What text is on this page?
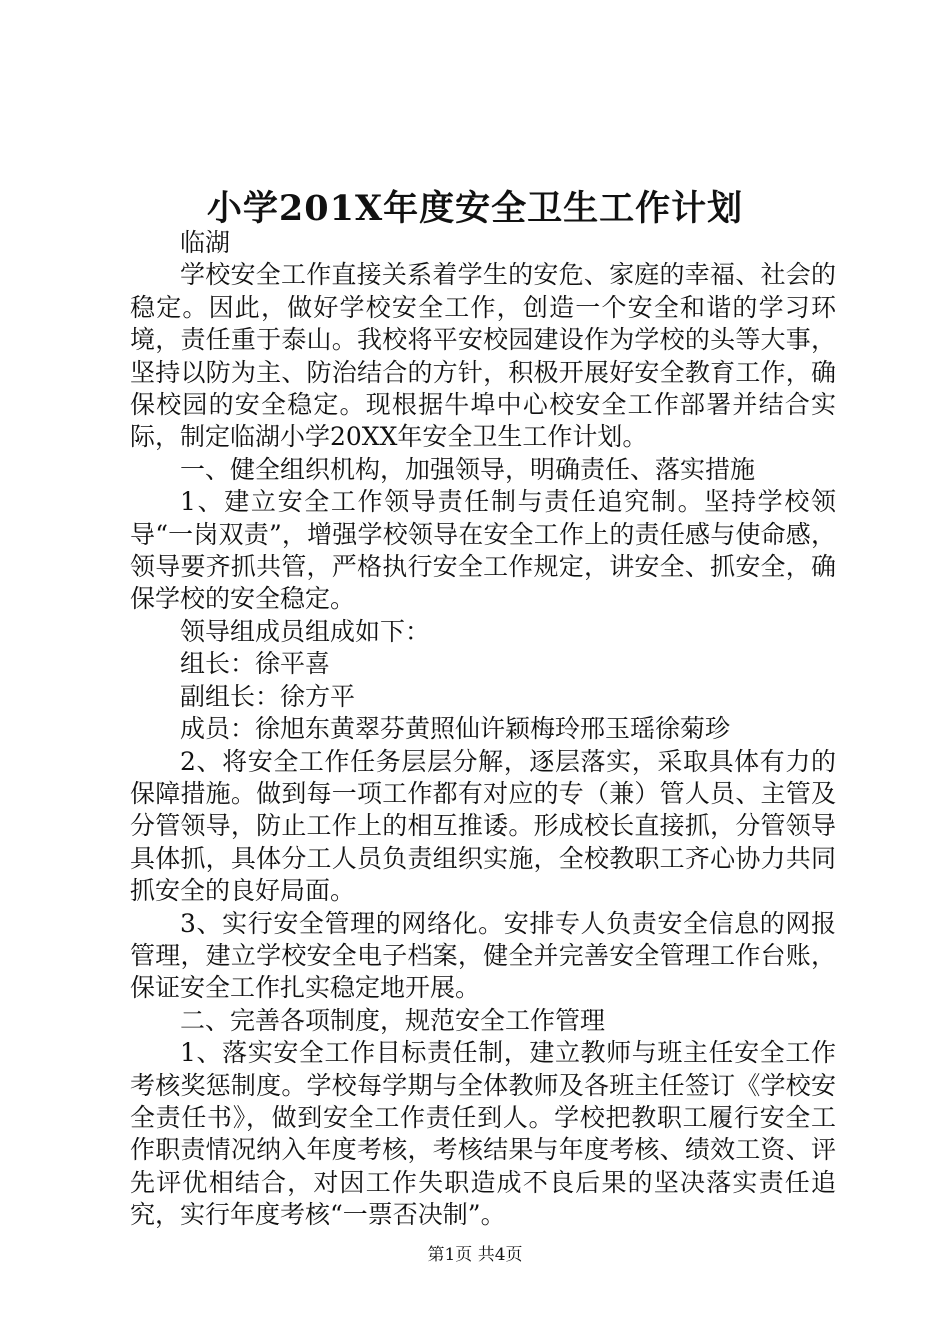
小学201X年度安全卫生工作计划

临湖

学校安全工作直接关系着学生的安危、家庭的幸福、社会的稳定。因此，做好学校安全工作，创造一个安全和谐的学习环境，责任重于泰山。我校将平安校园建设作为学校的头等大事，坚持以防为主、防治结合的方针，积极开展好安全教育工作，确保校园的安全稳定。现根据牛埠中心校安全工作部署并结合实际，制定临湖小学20XX年安全卫生工作计划。

一、健全组织机构，加强领导，明确责任、落实措施

1、建立安全工作领导责任制与责任追究制。坚持学校领导“一岗双责”，增强学校领导在安全工作上的责任感与使命感，领导要齐抓共管，严格执行安全工作规定，讲安全、抓安全，确保学校的安全稳定。

领导组成员组成如下：

组长：徐平喜

副组长：徐方平

成员：徐旭东黄翠芬黄照仙许颖梅玲邢玉瑶徐菊珍

2、将安全工作任务层层分解，逐层落实，采取具体有力的保障措施。做到每一项工作都有对应的专（兼）管人员、主管及分管领导，防止工作上的相互推诿。形成校长直接抓，分管领导具体抓，具体分工人员负责组织实施，全校教职工齐心协力共同抓安全的良好局面。

3、实行安全管理的网络化。安排专人负责安全信息的网报管理，建立学校安全电子档案，健全并完善安全管理工作台账，保证安全工作扎实稳定地开展。

二、完善各项制度，规范安全工作管理

1、落实安全工作目标责任制，建立教师与班主任安全工作考核奖惩制度。学校每学期与全体教师及各班主任签订《学校安全责任书》，做到安全工作责任到人。学校把教职工履行安全工作职责情况纳入年度考核，考核结果与年度考核、绩效工资、评先评优相结合，对因工作失职造成不良后果的坚决落实责任追究，实行年度考核“一票否决制”。

第1页 共4页
